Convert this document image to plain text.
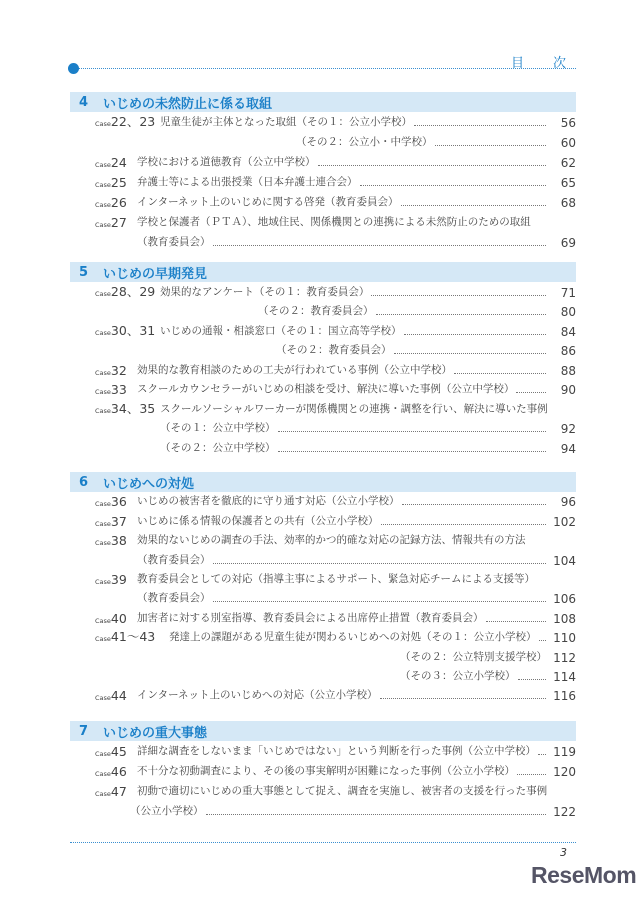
目　次
4	いじめの未然防止に係る取組
Case22、23 児童生徒が主体となった取組（その１：公立小学校）	56
（その２：公立小・中学校）	60
Case24 学校における道徳教育（公立中学校）	62
Case25 弁護士等による出張授業（日本弁護士連合会）	65
Case26 インターネット上のいじめに関する啓発（教育委員会）	68
Case27 学校と保護者（ＰＴＡ）、地域住民、関係機関との連携による未然防止のための取組
（教育委員会）	69
5	いじめの早期発見
Case28、29 効果的なアンケート（その１：教育委員会）	71
（その２：教育委員会）	80
Case30、31 いじめの通報・相談窓口（その１：国立高等学校）	84
（その２：教育委員会）	86
Case32 効果的な教育相談のための工夫が行われている事例（公立中学校）	88
Case33 スクールカウンセラーがいじめの相談を受け、解決に導いた事例（公立中学校）	90
Case34、35 スクールソーシャルワーカーが関係機関との連携・調整を行い、解決に導いた事例
（その１：公立中学校）	92
（その２：公立中学校）	94
6	いじめへの対処
Case36 いじめの被害者を徹底的に守り通す対応（公立小学校）	96
Case37 いじめに係る情報の保護者との共有（公立小学校）	102
Case38 効果的ないじめの調査の手法、効率的かつ的確な対応の記録方法、情報共有の方法
（教育委員会）	104
Case39 教育委員会としての対応（指導主事によるサポート、緊急対応チームによる支援等）
（教育委員会）	106
Case40 加害者に対する別室指導、教育委員会による出席停止措置（教育委員会）	108
Case41～43 発達上の課題がある児童生徒が関わるいじめへの対処（その１：公立小学校） 110
（その２：公立特別支援学校） 112
（その３：公立小学校）	114
Case44 インターネット上のいじめへの対応（公立小学校）	116
7	いじめの重大事態
Case45 詳細な調査をしないまま「いじめではない」という判断を行った事例（公立中学校） 119
Case46 不十分な初動調査により、その後の事実解明が困難になった事例（公立小学校）	120
Case47 初動で適切にいじめの重大事態として捉え、調査を実施し、被害者の支援を行った事例
（公立小学校）	122
3
ReseMom
